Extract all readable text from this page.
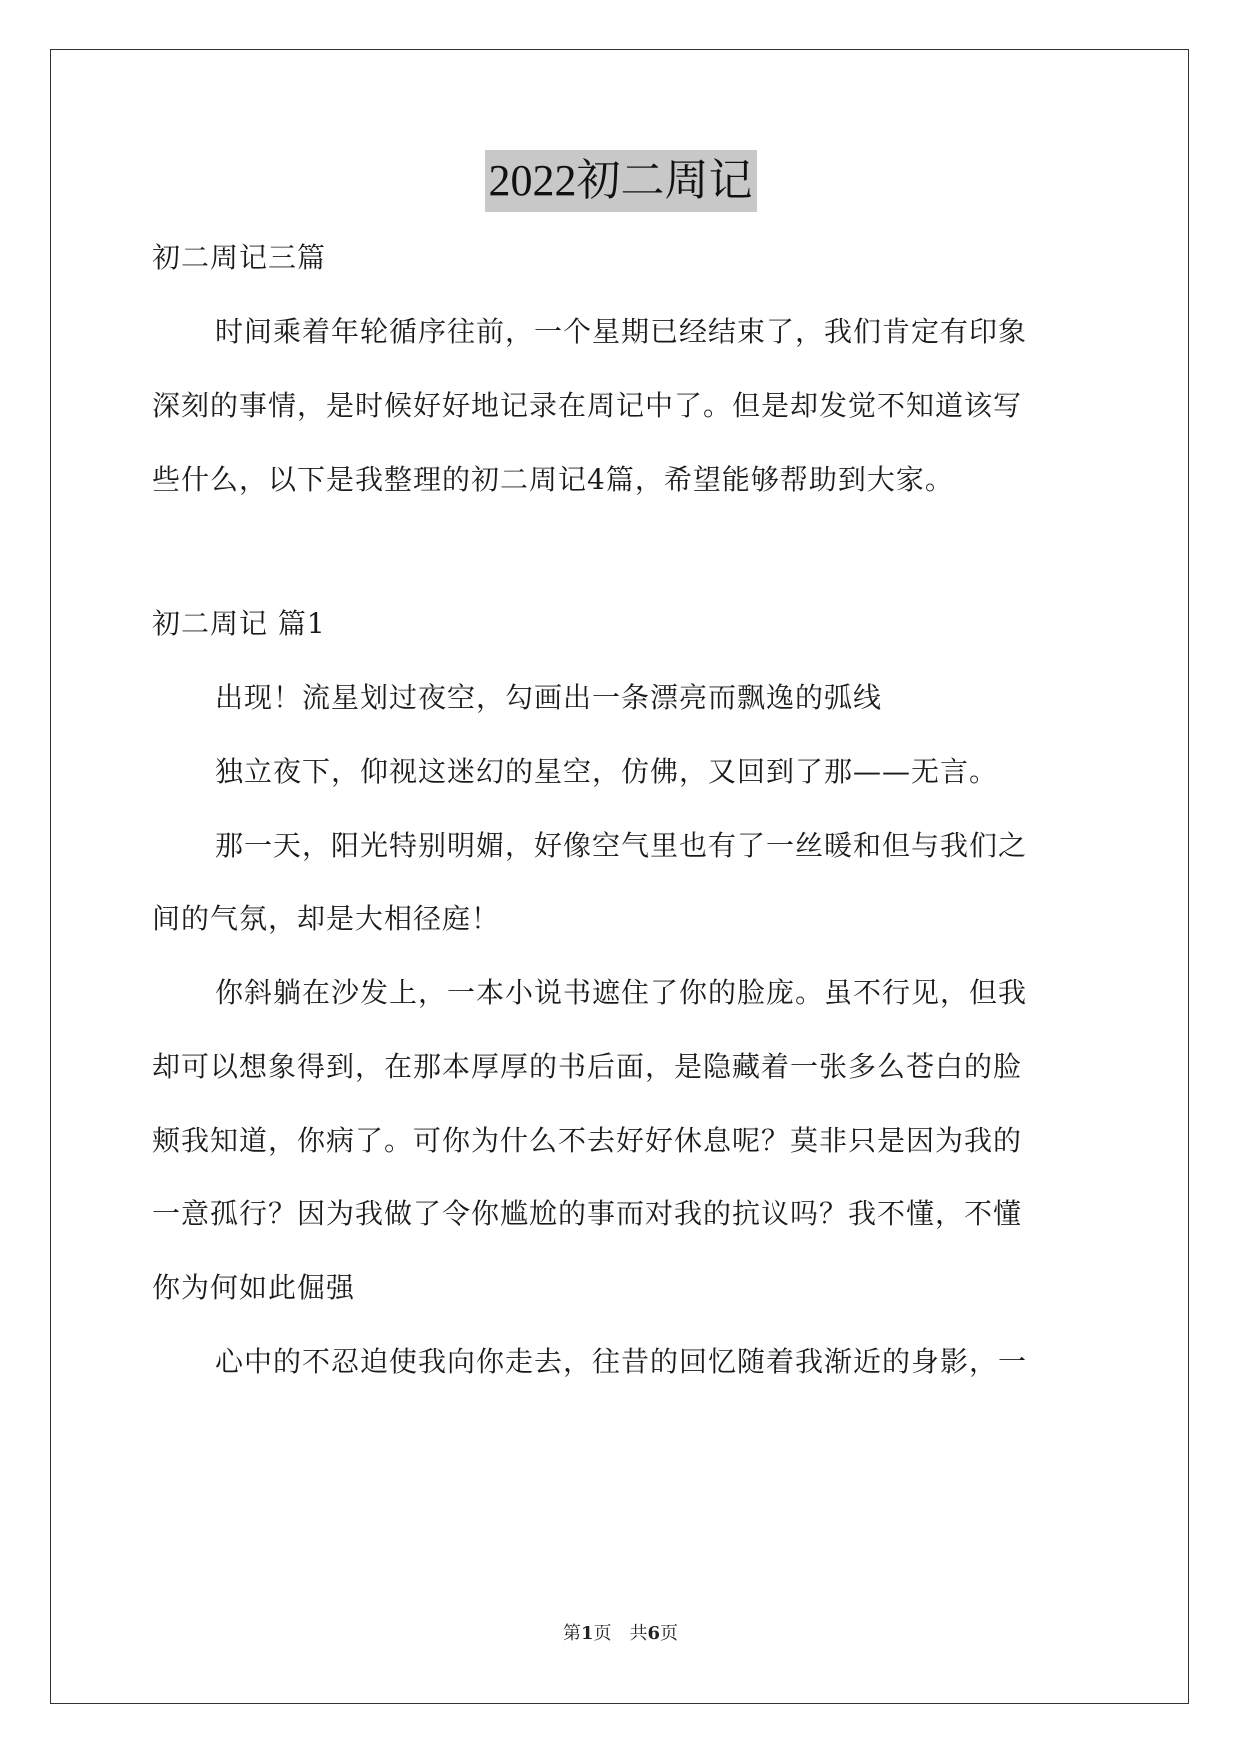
2022初二周记
初二周记三篇
时间乘着年轮循序往前，一个星期已经结束了，我们肯定有印象
深刻的事情，是时候好好地记录在周记中了。但是却发觉不知道该写
些什么，以下是我整理的初二周记4篇，希望能够帮助到大家。
初二周记 篇1
出现！流星划过夜空，勾画出一条漂亮而飘逸的弧线
独立夜下，仰视这迷幻的星空，仿佛，又回到了那——无言。
那一天，阳光特别明媚，好像空气里也有了一丝暖和但与我们之
间的气氛，却是大相径庭！
你斜躺在沙发上，一本小说书遮住了你的脸庞。虽不行见，但我
却可以想象得到，在那本厚厚的书后面，是隐藏着一张多么苍白的脸
颊我知道，你病了。可你为什么不去好好休息呢？莫非只是因为我的
一意孤行？因为我做了令你尴尬的事而对我的抗议吗？我不懂，不懂
你为何如此倔强
心中的不忍迫使我向你走去，往昔的回忆随着我渐近的身影，一
第1页　共6页
